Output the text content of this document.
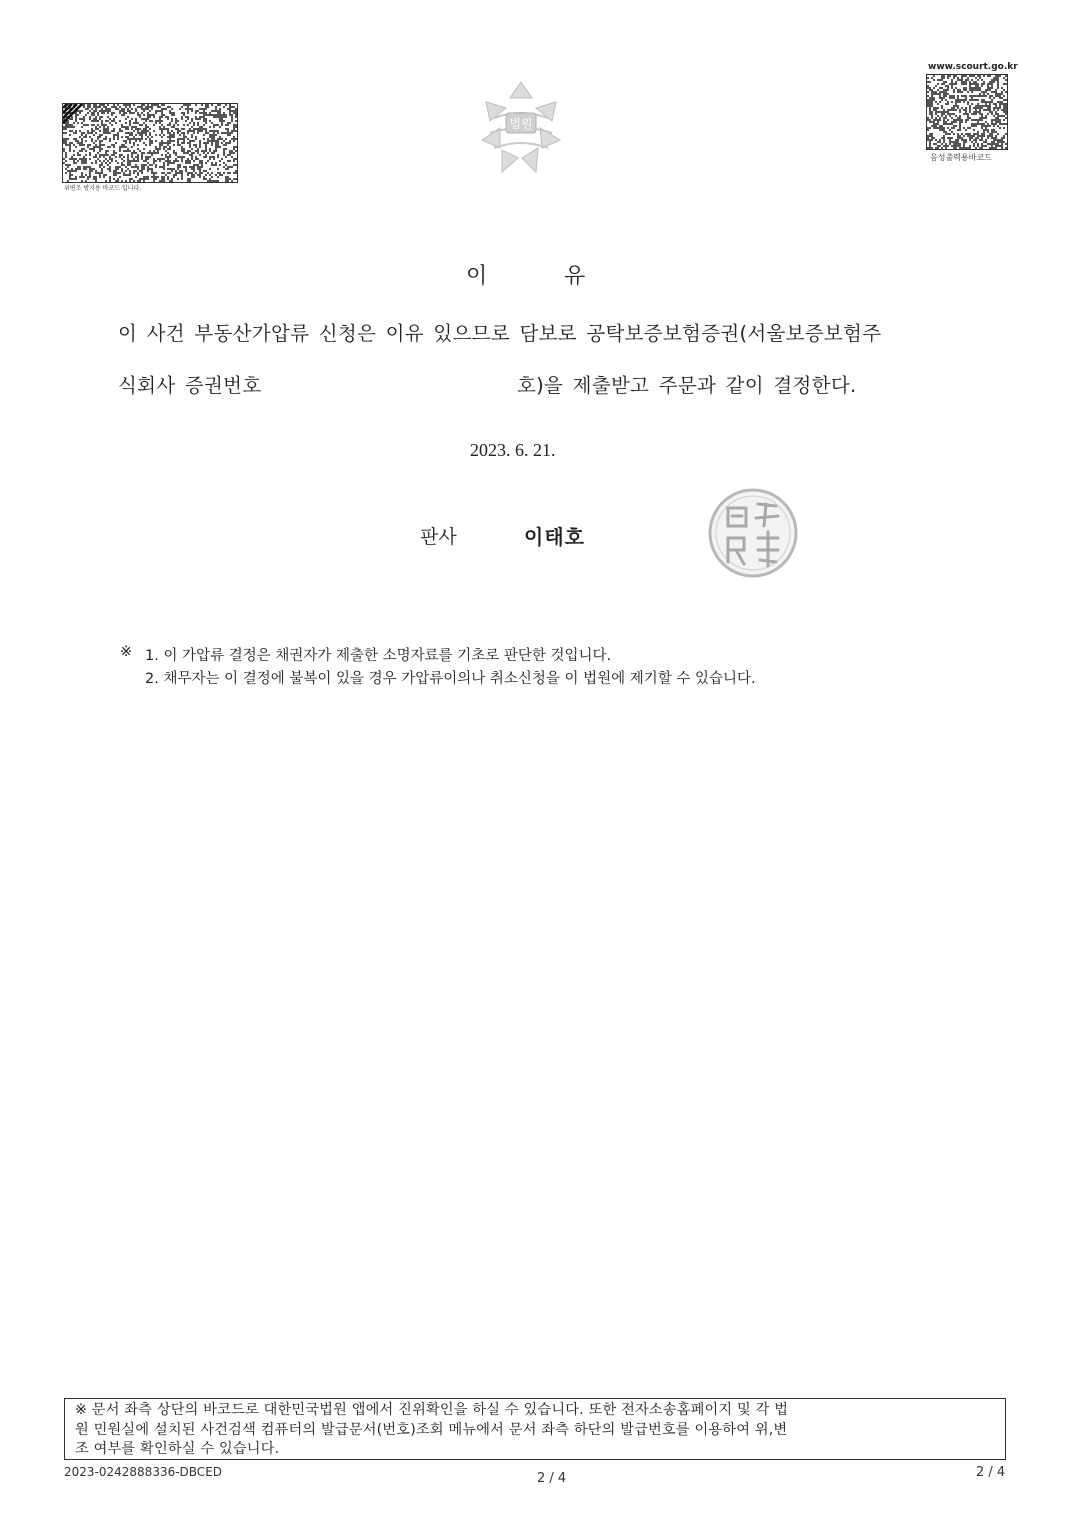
위변조 방지용 바코드 입니다.
법원
www.scourt.go.kr
음성출력용바코드
이	유
이 사건 부동산가압류 신청은 이유 있으므로 담보로 공탁보증보험증권(서울보증보험주
식회사 증권번호	호)을 제출받고 주문과 같이 결정한다.
2023. 6. 21.
판사	이태호
※ 1. 이 가압류 결정은 채권자가 제출한 소명자료를 기초로 판단한 것입니다.
2. 채무자는 이 결정에 불복이 있을 경우 가압류이의나 취소신청을 이 법원에 제기할 수 있습니다.
※ 문서 좌측 상단의 바코드로 대한민국법원 앱에서 진위확인을 하실 수 있습니다. 또한 전자소송홈페이지 및 각 법
원 민원실에 설치된 사건검색 컴퓨터의 발급문서(번호)조회 메뉴에서 문서 좌측 하단의 발급번호를 이용하여 위,변
조 여부를 확인하실 수 있습니다.
2023-0242888336-DBCED	2 / 4	2 / 4
